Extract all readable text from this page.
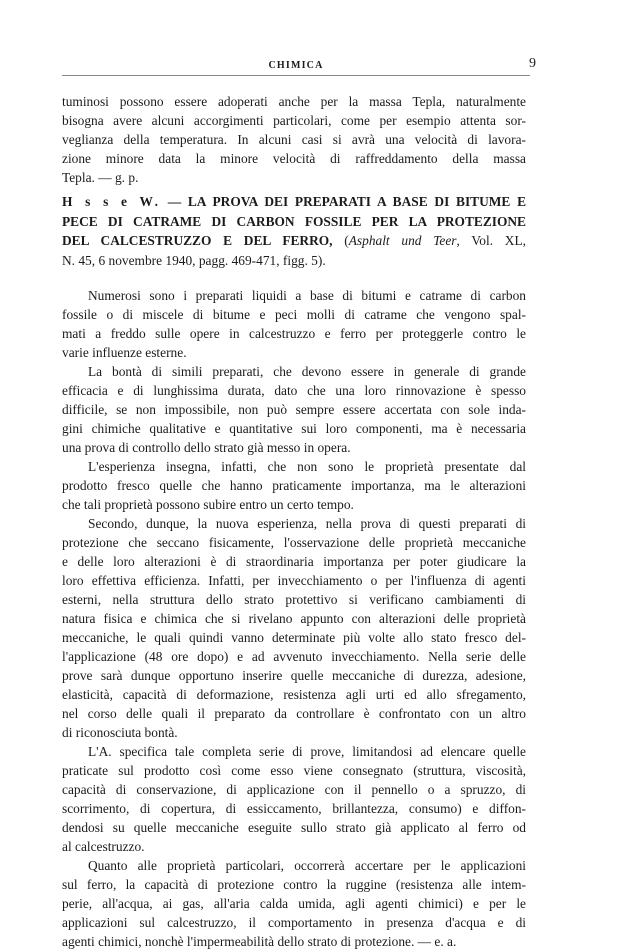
CHIMICA	9
tuminosi possono essere adoperati anche per la massa Tepla, naturalmente
bisogna avere alcuni accorgimenti particolari, come per esempio attenta sor-
veglianza della temperatura. In alcuni casi si avrà una velocità di lavora-
zione minore data la minore velocità di raffreddamento della massa
Tepla. — g. p.
H s s e W. — LA PROVA DEI PREPARATI A BASE DI BITUME E
PECE DI CATRAME DI CARBON FOSSILE PER LA PROTEZIONE
DEL CALCESTRUZZO E DEL FERRO, (Asphalt und Teer, Vol. XL,
N. 45, 6 novembre 1940, pagg. 469-471, figg. 5).
Numerosi sono i preparati liquidi a base di bitumi e catrame di carbon
fossile o di miscele di bitume e peci molli di catrame che vengono spal-
mati a freddo sulle opere in calcestruzzo e ferro per proteggerle contro le
varie influenze esterne.
La bontà di simili preparati, che devono essere in generale di grande
efficacia e di lunghissima durata, dato che una loro rinnovazione è spesso
difficile, se non impossibile, non può sempre essere accertata con sole inda-
gini chimiche qualitative e quantitative sui loro componenti, ma è necessaria
una prova di controllo dello strato già messo in opera.
L'esperienza insegna, infatti, che non sono le proprietà presentate dal
prodotto fresco quelle che hanno praticamente importanza, ma le alterazioni
che tali proprietà possono subire entro un certo tempo.
Secondo, dunque, la nuova esperienza, nella prova di questi preparati di
protezione che seccano fisicamente, l'osservazione delle proprietà meccaniche
e delle loro alterazioni è di straordinaria importanza per poter giudicare la
loro effettiva efficienza. Infatti, per invecchiamento o per l'influenza di agenti
esterni, nella struttura dello strato protettivo si verificano cambiamenti di
natura fisica e chimica che si rivelano appunto con alterazioni delle proprietà
meccaniche, le quali quindi vanno determinate più volte allo stato fresco del-
l'applicazione (48 ore dopo) e ad avvenuto invecchiamento. Nella serie delle
prove sarà dunque opportuno inserire quelle meccaniche di durezza, adesione,
elasticità, capacità di deformazione, resistenza agli urti ed allo sfregamento,
nel corso delle quali il preparato da controllare è confrontato con un altro
di riconosciuta bontà.
L'A. specifica tale completa serie di prove, limitandosi ad elencare quelle
praticate sul prodotto così come esso viene consegnato (struttura, viscosità,
capacità di conservazione, di applicazione con il pennello o a spruzzo, di
scorrimento, di copertura, di essiccamento, brillantezza, consumo) e diffon-
dendosi su quelle meccaniche eseguite sullo strato già applicato al ferro od
al calcestruzzo.
Quanto alle proprietà particolari, occorrerà accertare per le applicazioni
sul ferro, la capacità di protezione contro la ruggine (resistenza alle intem-
perie, all'acqua, ai gas, all'aria calda umida, agli agenti chimici) e per le
applicazioni sul calcestruzzo, il comportamento in presenza d'acqua e di
agenti chimici, nonchè l'impermeabilità dello strato di protezione. — e. a.
